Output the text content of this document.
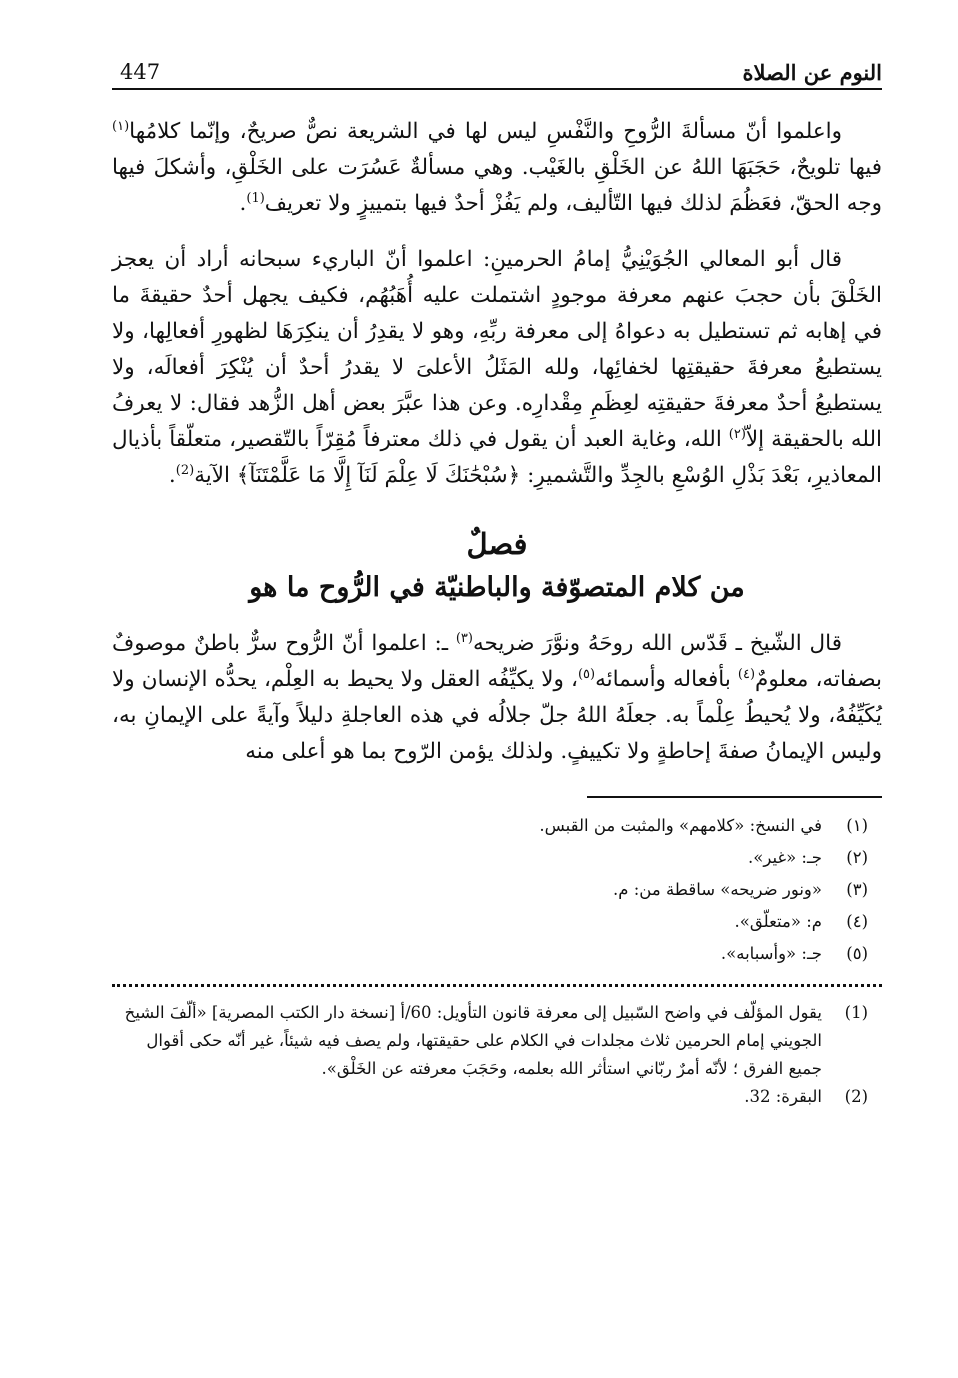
النوم عن الصلاة
447

واعلموا أنّ مسألةَ الرُّوحِ والنَّفْسِ ليس لها في الشريعة نصٌّ صريحٌ، وإنّما كلامُها$^{(١)}$ فيها تلويحٌ، حَجَبَهَا اللهُ عن الخَلْقِ بالغَيْب. وهي مسألةٌ عَسُرَت على الخَلْقِ، وأشكلَ فيها وجه الحقّ، فعَظُمَ لذلك فيها التّأليف، ولم يَفُزْ أحدٌ فيها بتمييزٍ ولا تعريف$^{(1)}$.

قال أبو المعالي الجُوَيْنِيُّ إمامُ الحرمينِ: اعلموا أنّ الباريء سبحانه أراد أن يعجز الخَلْقَ بأن حجبَ عنهم معرفة موجودٍ اشتملت عليه أُهَبُهُم، فكيف يجهل أحدٌ حقيقةَ ما في إهابه ثم تستطيل به دعواهُ إلى معرفة ربِّهِ، وهو لا يقدِرُ أن ينكِرَهَا لظهورِ أفعالِها، ولا يستطيعُ معرفةَ حقيقتِها لخفائِها، ولله المَثَلُ الأعلىَ لا يقدرُ أحدٌ أن يُنْكِرَ أفعالَه، ولا يستطيعُ أحدٌ معرفةَ حقيقتِه لعِظَمِ مِقْدارِه. وعن هذا عبَّرَ بعض أهل الزُّهد فقال: لا يعرفُ الله بالحقيقة إلاّ$^{(٢)}$ الله، وغاية العبد أن يقول في ذلك معترفاً مُقِرّاً بالتّقصير، متعلّقاً بأذيال المعاذيرِ، بَعْدَ بَذْلِ الوُسْعِ بالجِدِّ والتَّشميرِ: ﴿سُبْحَٰنَكَ لَا عِلْمَ لَنَآ إِلَّا مَا عَلَّمْتَنَآ﴾ الآية$^{(2)}$.

فصلٌ
من كلام المتصوّفة والباطنيّة في الرُّوح ما هو

قال الشّيخ ـ قَدّس الله روحَهُ ونوَّرَ ضريحه$^{(٣)}$ ـ: اعلموا أنّ الرُّوح سرٌّ باطنٌ موصوفٌ بصفاته، معلومٌ$^{(٤)}$ بأفعاله وأسمائه$^{(٥)}$، ولا يكيِّفُه العقل ولا يحيط به العِلْم، يحدُّه الإنسان ولا يُكَيِّفُهُ، ولا يُحيطُ عِلْماً به. جعلَهُ اللهُ جلّ جلالُه في هذه العاجلةِ دليلاً وآيةً على الإيمانِ به، وليس الإيمانُ صفةَ إحاطةٍ ولا تكييفٍ. ولذلك يؤمن الرّوح بما هو أعلى منه

(١)
في النسخ: «كلامهم» والمثبت من القبس.
(٢)
جـ: «غير».
(٣)
«ونور ضريحه» ساقطة من: م.
(٤)
م: «متعلّق».
(٥)
جـ: «وأسبابه».
(1)
يقول المؤلّف في واضح السّبيل إلى معرفة قانون التأويل: 60/أ [نسخة دار الكتب المصرية] «ألّفَ الشيخ الجويني إمام الحرمين ثلاث مجلدات في الكلام على حقيقتها، ولم يصف فيه شيئاً، غير أنّه حكى أقوال جميع الفرق ؛ لأنّه أمرٌ ربّاني استأثر الله بعلمه، وحَجَبَ معرفته عن الخَلْق».
(2)
البقرة: 32.
